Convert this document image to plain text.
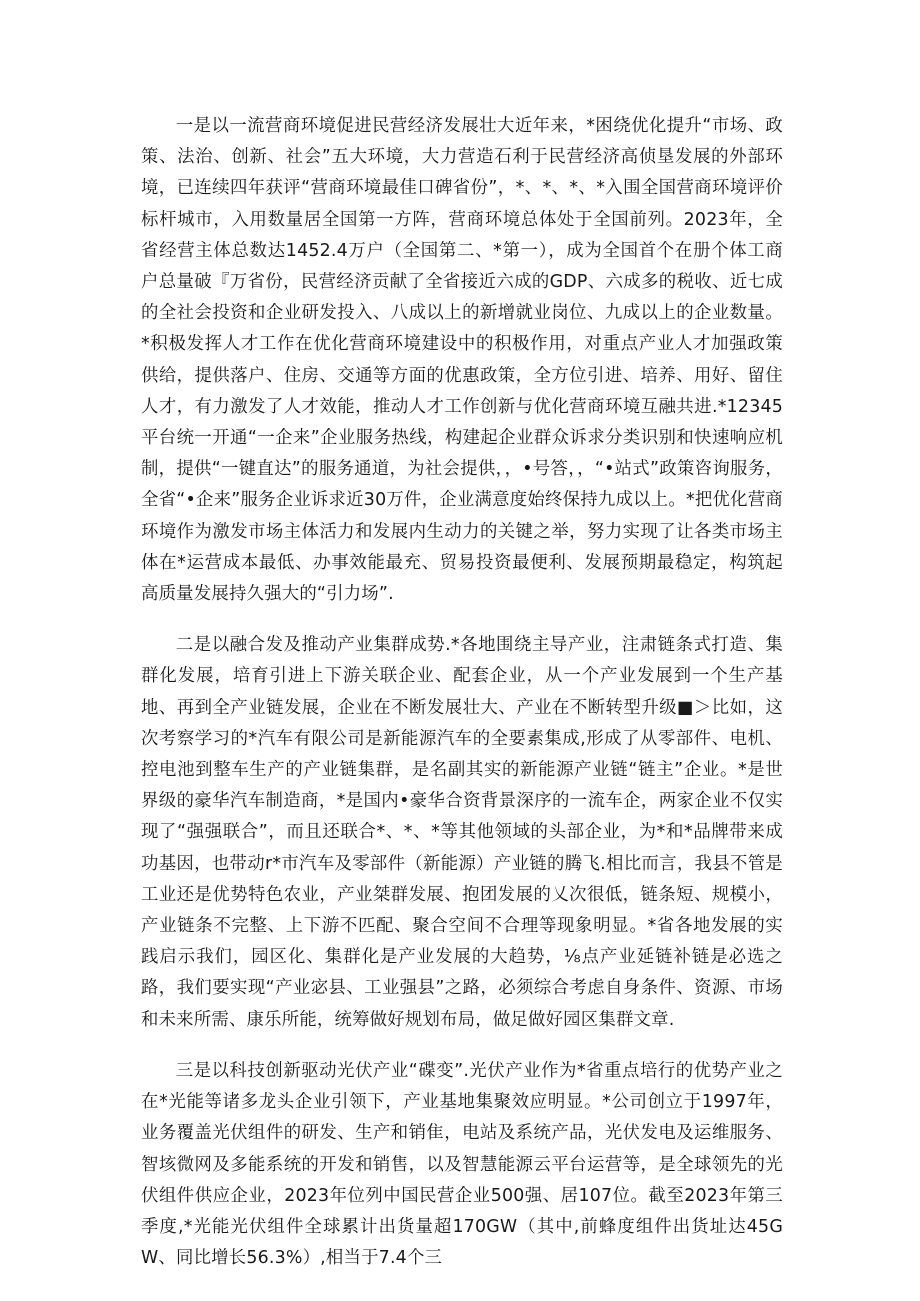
一是以一流营商环境促进民营经济发展壮大近年来，*困绕优化提升“市场、政策、法治、创新、社会”五大环境，大力营造石利于民营经济高侦垦发展的外部环境，已连续四年获评“营商环境最佳口碑省份”，*、*、*、*入围全国营商环境评价标杆城市，入用数量居全国第一方阵，营商环境总体处于全国前列。2023年，全省经营主体总数达1452.4万户（全国第二、*第一），成为全国首个在册个体工商户总量破『万省份，民营经济贡献了全省接近六成的GDP、六成多的税收、近七成的全社会投资和企业研发投入、八成以上的新增就业岗位、九成以上的企业数量。*积极发挥人才工作在优化营商环境建设中的积极作用，对重点产业人才加强政策供给，提供落户、住房、交通等方面的优惠政策，全方位引进、培养、用好、留住人才，有力激发了人才效能，推动人才工作创新与优化营商环境互融共进.*12345平台统一开通“一企来”企业服务热线，构建起企业群众诉求分类识别和快速响应机制，提供“一键直达”的服务通道，为社会提供，，•号答，，“•站式”政策咨询服务，全省“•企来”服务企业诉求近30万件，企业满意度始终保持九成以上。*把优化营商环境作为激发市场主体活力和发展内生动力的关键之举，努力实现了让各类市场主体在*运营成本最低、办事效能最充、贸易投资最便利、发展预期最稳定，构筑起高质量发展持久强大的“引力场”.

二是以融合发及推动产业集群成势.*各地围绕主导产业，注肃链条式打造、集群化发展，培育引进上下游关联企业、配套企业，从一个产业发展到一个生产基地、再到全产业链发展，企业在不断发展壮大、产业在不断转型升级■＞比如，这次考察学习的*汽车有限公司是新能源汽车的全要素集成,形成了从零部件、电机、控电池到整车生产的产业链集群，是名副其实的新能源产业链“链主”企业。*是世界级的豪华汽车制造商，*是国内•豪华合资背景深序的一流车企，两家企业不仅实现了“强强联合”，而且还联合*、*、*等其他领域的头部企业，为*和*品牌带来成功基因，也带动r*市汽车及零部件（新能源）产业链的腾飞.相比而言，我县不管是工业还是优势特色农业，产业桀群发展、抱团发展的乂次很低，链条短、规模小，产业链条不完整、上下游不匹配、聚合空间不合理等现象明显。*省各地发展的实践启示我们，园区化、集群化是产业发展的大趋势，⅛点产业延链补链是必选之路，我们要实现“产业宓县、工业强县”之路，必须综合考虑自身条件、资源、市场和未来所需、康乐所能，统筹做好规划布局，做足做好园区集群文章.

三是以科技创新驱动光伏产业“碟变”.光伏产业作为*省重点培行的优势产业之在*光能等诸多龙头企业引领下，产业基地集聚效应明显。*公司创立于1997年，业务覆盖光伏组件的研发、生产和销隹，电站及系统产品，光伏发电及运维服务、智垓微网及多能系统的开发和销售，以及智慧能源云平台运营等，是全球领先的光伏组件供应企业，2023年位列中国民营企业500强、居107位。截至2023年第三季度,*光能光伏组件全球累计出货量超170GW（其中,前蜂度组件出货址达45GW、同比增长56.3%）,相当于7.4个三
